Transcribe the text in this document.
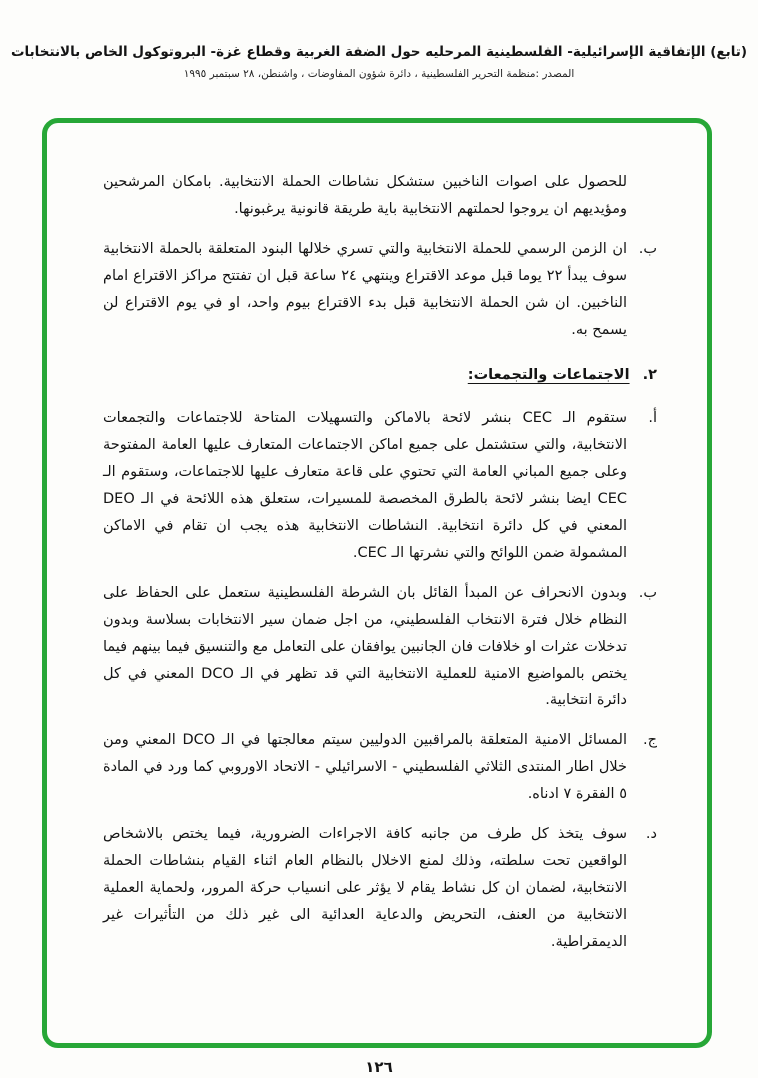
(تابع) الإتفاقية الإسرائيلية- الفلسطينية المرحليه حول الضفة الغربية وقطاع غزة- البروتوكول الخاص بالانتخابات
المصدر :منظمة التحرير الفلسطينية ، دائرة شؤون المفاوضات ، واشنطن، ٢٨ سبتمبر ١٩٩٥

للحصول على اصوات الناخبين ستشكل نشاطات الحملة الانتخابية. بامكان المرشحين ومؤيديهم ان يروجوا لحملتهم الانتخابية باية طريقة قانونية يرغبونها.

ب.

ان الزمن الرسمي للحملة الانتخابية والتي تسري خلالها البنود المتعلقة بالحملة الانتخابية سوف يبدأ ٢٢ يوما قبل موعد الاقتراع وينتهي ٢٤ ساعة قبل ان تفتتح مراكز الاقتراع امام الناخبين. ان شن الحملة الانتخابية قبل بدء الاقتراع بيوم واحد، او في يوم الاقتراع لن يسمح به.

٢. الاجتماعات والتجمعات:
أ.

ستقوم الـ CEC بنشر لائحة بالاماكن والتسهيلات المتاحة للاجتماعات والتجمعات الانتخابية، والتي ستشتمل على جميع اماكن الاجتماعات المتعارف عليها العامة المفتوحة وعلى جميع المباني العامة التي تحتوي على قاعة متعارف عليها للاجتماعات، وستقوم الـ CEC ايضا بنشر لائحة بالطرق المخصصة للمسيرات، ستعلق هذه اللائحة في الـ DEO المعني في كل دائرة انتخابية. النشاطات الانتخابية هذه يجب ان تقام في الاماكن المشمولة ضمن اللوائح والتي نشرتها الـ CEC.

ب.

وبدون الانحراف عن المبدأ القائل بان الشرطة الفلسطينية ستعمل على الحفاظ على النظام خلال فترة الانتخاب الفلسطيني، من اجل ضمان سير الانتخابات بسلاسة وبدون تدخلات عثرات او خلافات فان الجانبين يوافقان على التعامل مع والتنسيق فيما بينهم فيما يختص بالمواضيع الامنية للعملية الانتخابية التي قد تظهر في الـ DCO المعني في كل دائرة انتخابية.

ج.

المسائل الامنية المتعلقة بالمراقبين الدوليين سيتم معالجتها في الـ DCO المعني ومن خلال اطار المنتدى الثلاثي الفلسطيني - الاسرائيلي - الاتحاد الاوروبي كما ورد في المادة ٥ الفقرة ٧ ادناه.

د.

سوف يتخذ كل طرف من جانبه كافة الاجراءات الضرورية، فيما يختص بالاشخاص الواقعين تحت سلطته، وذلك لمنع الاخلال بالنظام العام اثناء القيام بنشاطات الحملة الانتخابية، لضمان ان كل نشاط يقام لا يؤثر على انسياب حركة المرور، ولحماية العملية الانتخابية من العنف، التحريض والدعاية العدائية الى غير ذلك من التأثيرات غير الديمقراطية.

١٢٦
